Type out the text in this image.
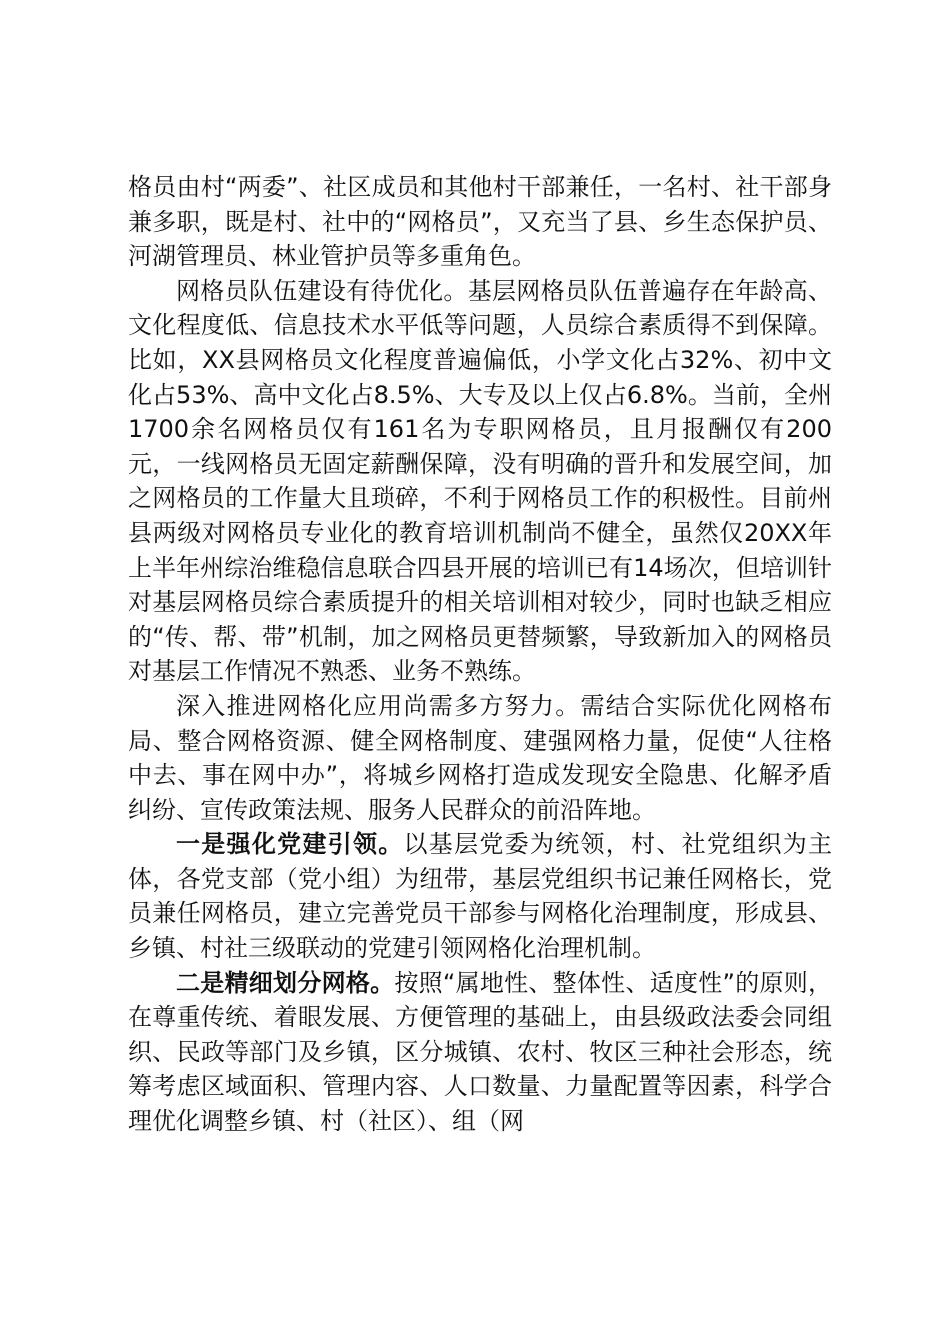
格员由村“两委”、社区成员和其他村干部兼任，一名村、社干部身兼多职，既是村、社中的“网格员”，又充当了县、乡生态保护员、河湖管理员、林业管护员等多重角色。

网格员队伍建设有待优化。基层网格员队伍普遍存在年龄高、文化程度低、信息技术水平低等问题，人员综合素质得不到保障。比如，XX县网格员文化程度普遍偏低，小学文化占32%、初中文化占53%、高中文化占8.5%、大专及以上仅占6.8%。当前，全州1700余名网格员仅有161名为专职网格员，且月报酬仅有200元，一线网格员无固定薪酬保障，没有明确的晋升和发展空间，加之网格员的工作量大且琐碎，不利于网格员工作的积极性。目前州县两级对网格员专业化的教育培训机制尚不健全，虽然仅20XX年上半年州综治维稳信息联合四县开展的培训已有14场次，但培训针对基层网格员综合素质提升的相关培训相对较少，同时也缺乏相应的“传、帮、带”机制，加之网格员更替频繁，导致新加入的网格员对基层工作情况不熟悉、业务不熟练。

深入推进网格化应用尚需多方努力。需结合实际优化网格布局、整合网格资源、健全网格制度、建强网格力量，促使“人往格中去、事在网中办”，将城乡网格打造成发现安全隐患、化解矛盾纠纷、宣传政策法规、服务人民群众的前沿阵地。

一是强化党建引领。以基层党委为统领，村、社党组织为主体，各党支部（党小组）为纽带，基层党组织书记兼任网格长，党员兼任网格员，建立完善党员干部参与网格化治理制度，形成县、乡镇、村社三级联动的党建引领网格化治理机制。

二是精细划分网格。按照“属地性、整体性、适度性”的原则，在尊重传统、着眼发展、方便管理的基础上，由县级政法委会同组织、民政等部门及乡镇，区分城镇、农村、牧区三种社会形态，统筹考虑区域面积、管理内容、人口数量、力量配置等因素，科学合理优化调整乡镇、村（社区）、组（网
